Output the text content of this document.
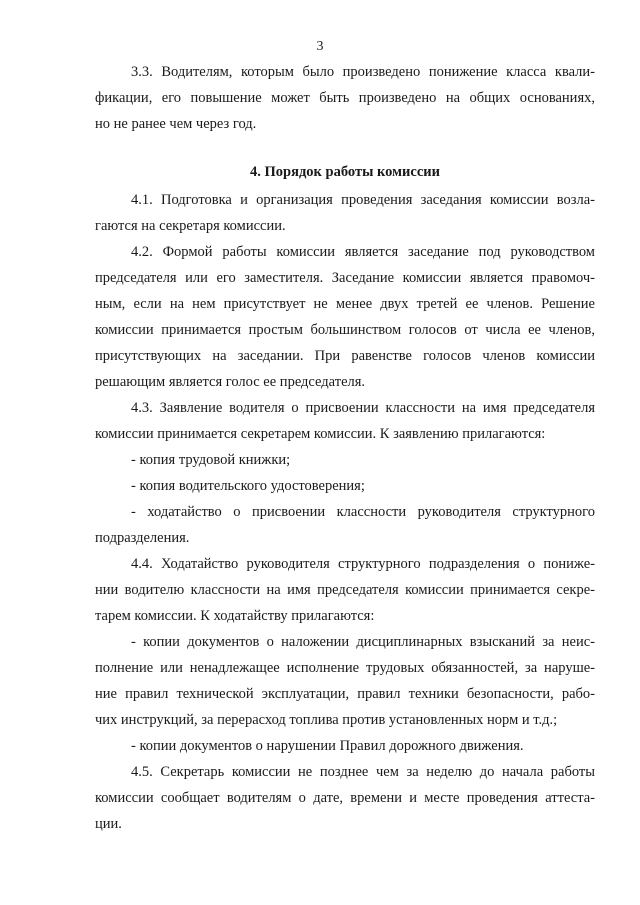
3
3.3. Водителям, которым было произведено понижение класса квали-
фикации, его повышение может быть произведено на общих основаниях,
но не ранее чем через год.
4. Порядок работы комиссии
4.1. Подготовка и организация проведения заседания комиссии возла-
гаются на секретаря комиссии.
4.2. Формой работы комиссии является заседание под руководством
председателя или его заместителя. Заседание комиссии является правомоч-
ным, если на нем присутствует не менее двух третей ее членов. Решение
комиссии принимается простым большинством голосов от числа ее членов,
присутствующих на заседании. При равенстве голосов членов комиссии
решающим является голос ее председателя.
4.3. Заявление водителя о присвоении классности на имя председателя
комиссии принимается секретарем комиссии. К заявлению прилагаются:
- копия трудовой книжки;
- копия водительского удостоверения;
- ходатайство о присвоении классности руководителя структурного
подразделения.
4.4. Ходатайство руководителя структурного подразделения о пониже-
нии водителю классности на имя председателя комиссии принимается секре-
тарем комиссии. К ходатайству прилагаются:
- копии документов о наложении дисциплинарных взысканий за неис-
полнение или ненадлежащее исполнение трудовых обязанностей, за наруше-
ние правил технической эксплуатации, правил техники безопасности, рабо-
чих инструкций, за перерасход топлива против установленных норм и т.д.;
- копии документов о нарушении Правил дорожного движения.
4.5. Секретарь комиссии не позднее чем за неделю до начала работы
комиссии сообщает водителям о дате, времени и месте проведения аттеста-
ции.
